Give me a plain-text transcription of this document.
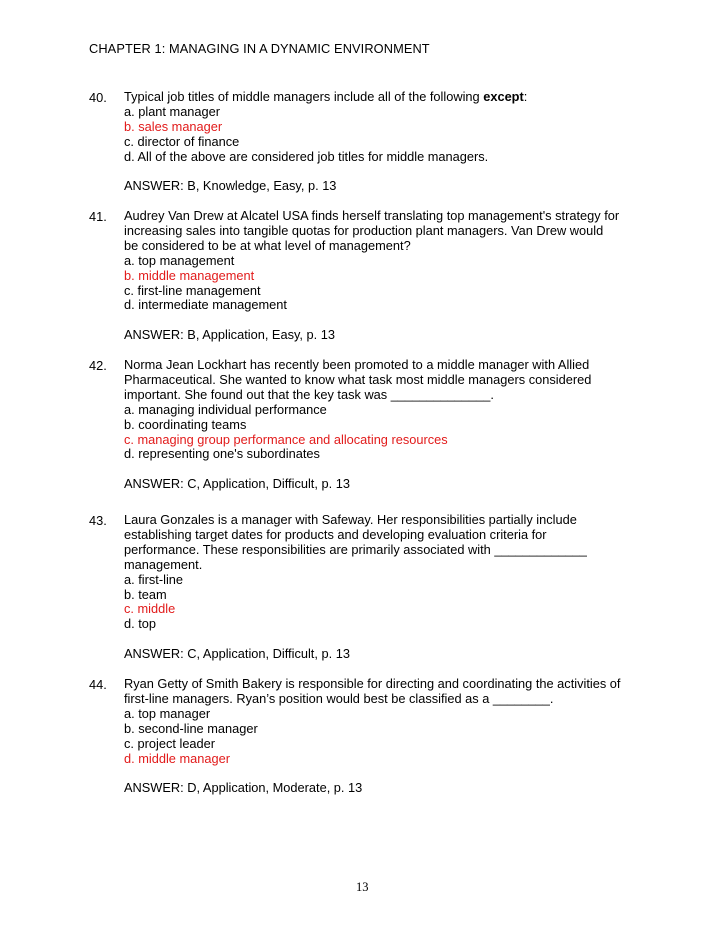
CHAPTER 1: MANAGING IN A DYNAMIC ENVIRONMENT
40. Typical job titles of middle managers include all of the following except:
a. plant manager
b. sales manager
c. director of finance
d. All of the above are considered job titles for middle managers.
ANSWER: B, Knowledge, Easy, p. 13
41. Audrey Van Drew at Alcatel USA finds herself translating top management's strategy for
increasing sales into tangible quotas for production plant managers. Van Drew would
be considered to be at what level of management?
a. top management
b. middle management
c. first-line management
d. intermediate management
ANSWER: B, Application, Easy, p. 13
42. Norma Jean Lockhart has recently been promoted to a middle manager with Allied
Pharmaceutical. She wanted to know what task most middle managers considered
important. She found out that the key task was ______________.
a. managing individual performance
b. coordinating teams
c. managing group performance and allocating resources
d. representing one's subordinates
ANSWER: C, Application, Difficult, p. 13
43. Laura Gonzales is a manager with Safeway. Her responsibilities partially include
establishing target dates for products and developing evaluation criteria for
performance. These responsibilities are primarily associated with _____________
management.
a. first-line
b. team
c. middle
d. top
ANSWER: C, Application, Difficult, p. 13
44. Ryan Getty of Smith Bakery is responsible for directing and coordinating the activities of
first-line managers. Ryan’s position would best be classified as a ________.
a. top manager
b. second-line manager
c. project leader
d. middle manager
ANSWER: D, Application, Moderate, p. 13
13
